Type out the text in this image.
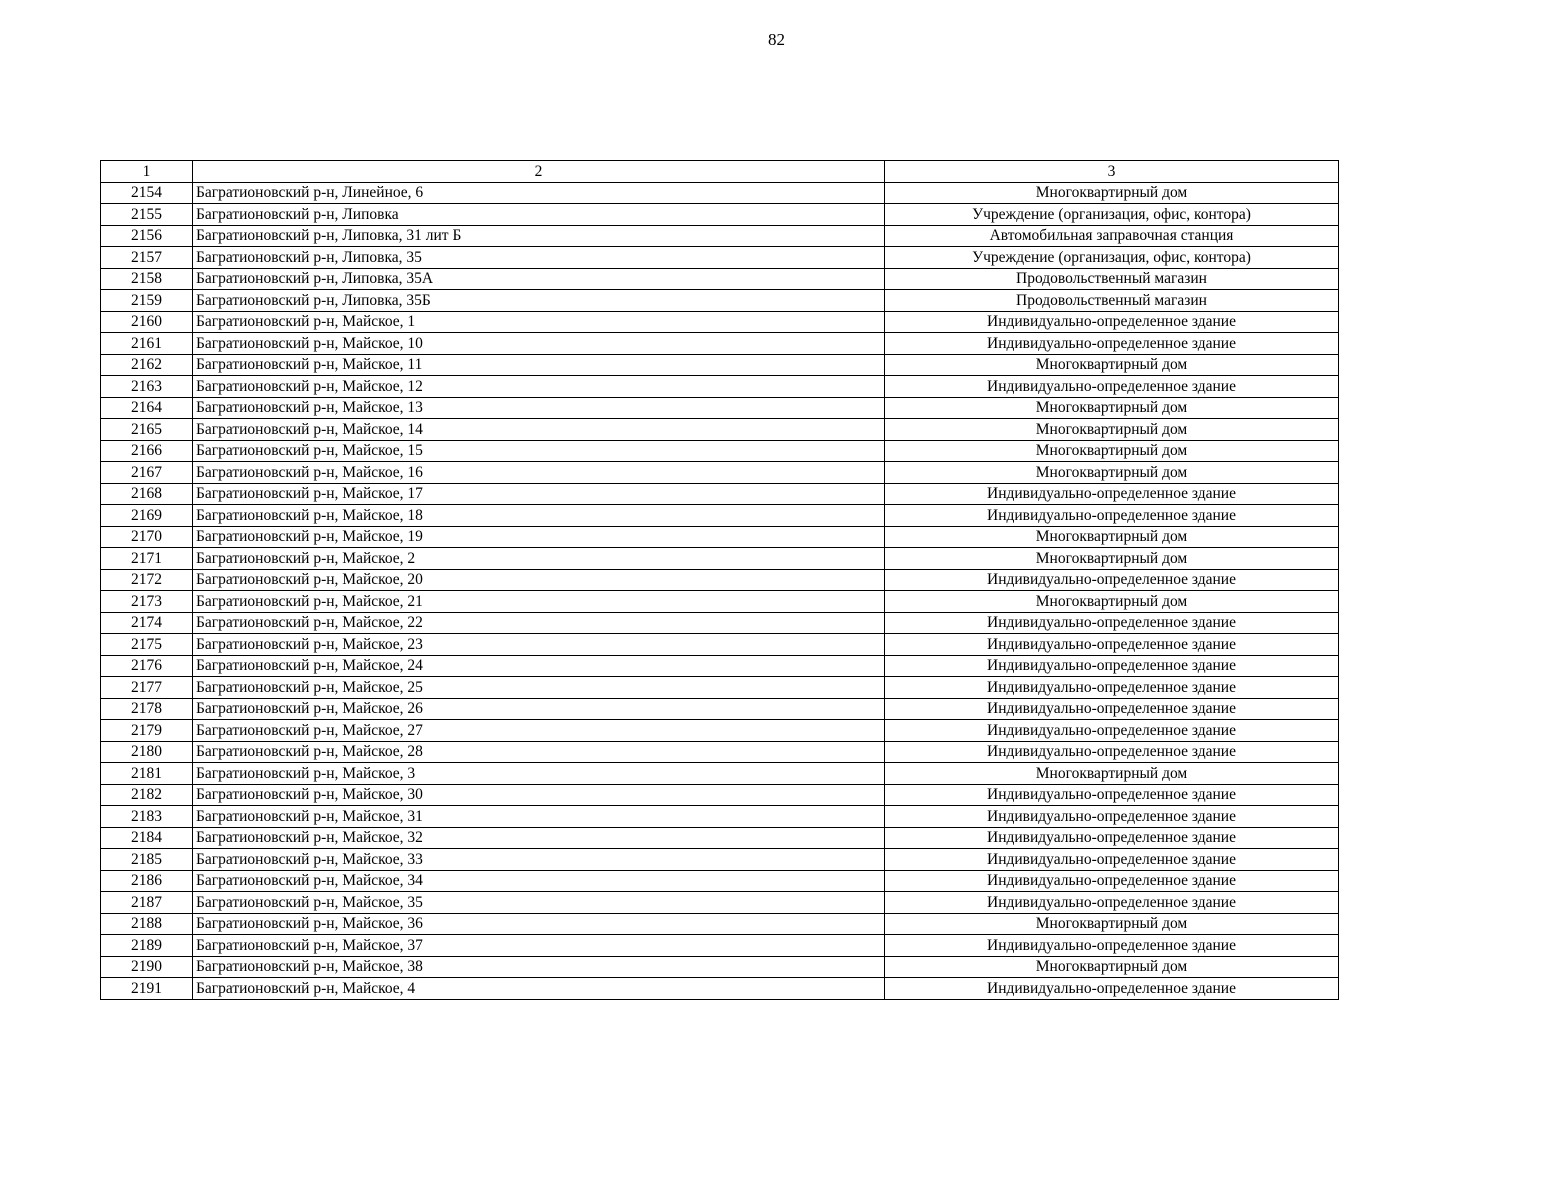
82
1	2	3
2154	Багратионовский р-н, Линейное, 6	Многоквартирный дом
2155	Багратионовский р-н, Липовка	Учреждение (организация, офис, контора)
2156	Багратионовский р-н, Липовка, 31 лит Б	Автомобильная заправочная станция
2157	Багратионовский р-н, Липовка, 35	Учреждение (организация, офис, контора)
2158	Багратионовский р-н, Липовка, 35А	Продовольственный магазин
2159	Багратионовский р-н, Липовка, 35Б	Продовольственный магазин
2160	Багратионовский р-н, Майское, 1	Индивидуально-определенное здание
2161	Багратионовский р-н, Майское, 10	Индивидуально-определенное здание
2162	Багратионовский р-н, Майское, 11	Многоквартирный дом
2163	Багратионовский р-н, Майское, 12	Индивидуально-определенное здание
2164	Багратионовский р-н, Майское, 13	Многоквартирный дом
2165	Багратионовский р-н, Майское, 14	Многоквартирный дом
2166	Багратионовский р-н, Майское, 15	Многоквартирный дом
2167	Багратионовский р-н, Майское, 16	Многоквартирный дом
2168	Багратионовский р-н, Майское, 17	Индивидуально-определенное здание
2169	Багратионовский р-н, Майское, 18	Индивидуально-определенное здание
2170	Багратионовский р-н, Майское, 19	Многоквартирный дом
2171	Багратионовский р-н, Майское, 2	Многоквартирный дом
2172	Багратионовский р-н, Майское, 20	Индивидуально-определенное здание
2173	Багратионовский р-н, Майское, 21	Многоквартирный дом
2174	Багратионовский р-н, Майское, 22	Индивидуально-определенное здание
2175	Багратионовский р-н, Майское, 23	Индивидуально-определенное здание
2176	Багратионовский р-н, Майское, 24	Индивидуально-определенное здание
2177	Багратионовский р-н, Майское, 25	Индивидуально-определенное здание
2178	Багратионовский р-н, Майское, 26	Индивидуально-определенное здание
2179	Багратионовский р-н, Майское, 27	Индивидуально-определенное здание
2180	Багратионовский р-н, Майское, 28	Индивидуально-определенное здание
2181	Багратионовский р-н, Майское, 3	Многоквартирный дом
2182	Багратионовский р-н, Майское, 30	Индивидуально-определенное здание
2183	Багратионовский р-н, Майское, 31	Индивидуально-определенное здание
2184	Багратионовский р-н, Майское, 32	Индивидуально-определенное здание
2185	Багратионовский р-н, Майское, 33	Индивидуально-определенное здание
2186	Багратионовский р-н, Майское, 34	Индивидуально-определенное здание
2187	Багратионовский р-н, Майское, 35	Индивидуально-определенное здание
2188	Багратионовский р-н, Майское, 36	Многоквартирный дом
2189	Багратионовский р-н, Майское, 37	Индивидуально-определенное здание
2190	Багратионовский р-н, Майское, 38	Многоквартирный дом
2191	Багратионовский р-н, Майское, 4	Индивидуально-определенное здание
